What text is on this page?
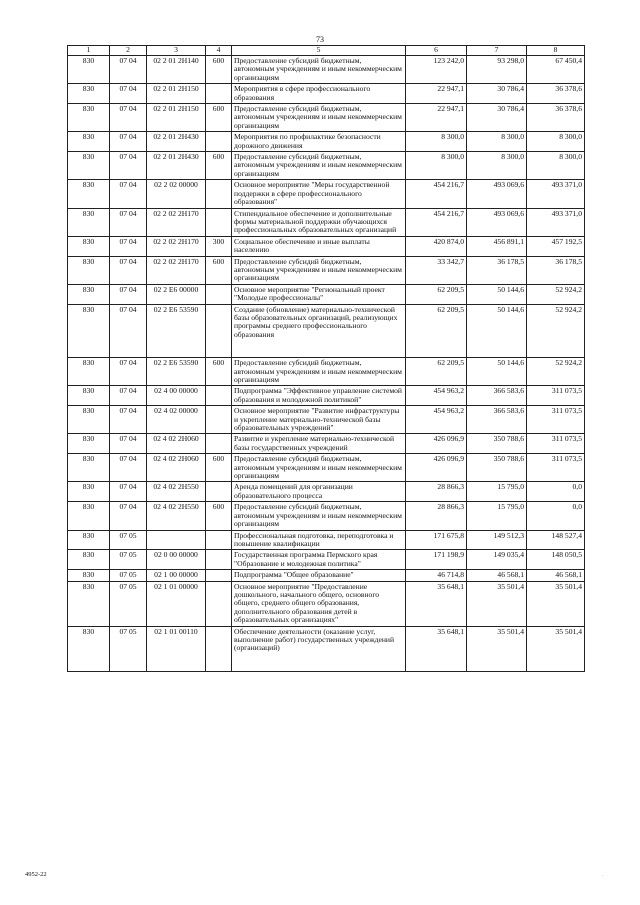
73
1	2	3	4	5	6	7	8
830	07 04	02 2 01 2Н140	600	Предоставление субсидий бюджетным, автономным учреждениям и иным некоммерческим организациям	123 242,0	93 298,0	67 450,4
830	07 04	02 2 01 2Н150		Мероприятия в сфере профессионального образования	22 947,1	30 786,4	36 378,6
830	07 04	02 2 01 2Н150	600	Предоставление субсидий бюджетным, автономным учреждениям и иным некоммерческим организациям	22 947,1	30 786,4	36 378,6
830	07 04	02 2 01 2Н430		Мероприятия по профилактике безопасности дорожного движения	8 300,0	8 300,0	8 300,0
830	07 04	02 2 01 2Н430	600	Предоставление субсидий бюджетным, автономным учреждениям и иным некоммерческим организациям	8 300,0	8 300,0	8 300,0
830	07 04	02 2 02 00000		Основное мероприятие "Меры государственной поддержки в сфере профессионального образования"	454 216,7	493 069,6	493 371,0
830	07 04	02 2 02 2Н170		Стипендиальное обеспечение и дополнительные формы материальной поддержки обучающихся профессиональных образовательных организаций	454 216,7	493 069,6	493 371,0
830	07 04	02 2 02 2Н170	300	Социальное обеспечение и иные выплаты населению	420 874,0	456 891,1	457 192,5
830	07 04	02 2 02 2Н170	600	Предоставление субсидий бюджетным, автономным учреждениям и иным некоммерческим организациям	33 342,7	36 178,5	36 178,5
830	07 04	02 2 Е6 00000		Основное мероприятие "Региональный проект "Молодые профессионалы"	62 209,5	50 144,6	52 924,2
830	07 04	02 2 Е6 53590		Создание (обновление) материально-технической базы образовательных организаций, реализующих программы среднего профессионального образования	62 209,5	50 144,6	52 924,2
830	07 04	02 2 Е6 53590	600	Предоставление субсидий бюджетным, автономным учреждениям и иным некоммерческим организациям	62 209,5	50 144,6	52 924,2
830	07 04	02 4 00 00000		Подпрограмма "Эффективное управление системой образования и молодежной политикой"	454 963,2	366 583,6	311 073,5
830	07 04	02 4 02 00000		Основное мероприятие "Развитие инфраструктуры и укрепление материально-технической базы образовательных учреждений"	454 963,2	366 583,6	311 073,5
830	07 04	02 4 02 2Н060		Развитие и укрепление материально-технической базы государственных учреждений	426 096,9	350 788,6	311 073,5
830	07 04	02 4 02 2Н060	600	Предоставление субсидий бюджетным, автономным учреждениям и иным некоммерческим организациям	426 096,9	350 788,6	311 073,5
830	07 04	02 4 02 2Н550		Аренда помещений для организации образовательного процесса	28 866,3	15 795,0	0,0
830	07 04	02 4 02 2Н550	600	Предоставление субсидий бюджетным, автономным учреждениям и иным некоммерческим организациям	28 866,3	15 795,0	0,0
830	07 05			Профессиональная подготовка, переподготовка и повышение квалификации	171 675,8	149 512,3	148 527,4
830	07 05	02 0 00 00000		Государственная программа Пермского края "Образование и молодежная политика"	171 198,9	149 035,4	148 050,5
830	07 05	02 1 00 00000		Подпрограмма "Общее образование"	46 714,8	46 568,1	46 568,1
830	07 05	02 1 01 00000		Основное мероприятие "Предоставление дошкольного, начального общего, основного общего, среднего общего образования, дополнительного образования детей в образовательных организациях"	35 648,1	35 501,4	35 501,4
830	07 05	02 1 01 00110		Обеспечение деятельности (оказание услуг, выполнение работ) государственных учреждений (организаций)	35 648,1	35 501,4	35 501,4
4952-22	·
